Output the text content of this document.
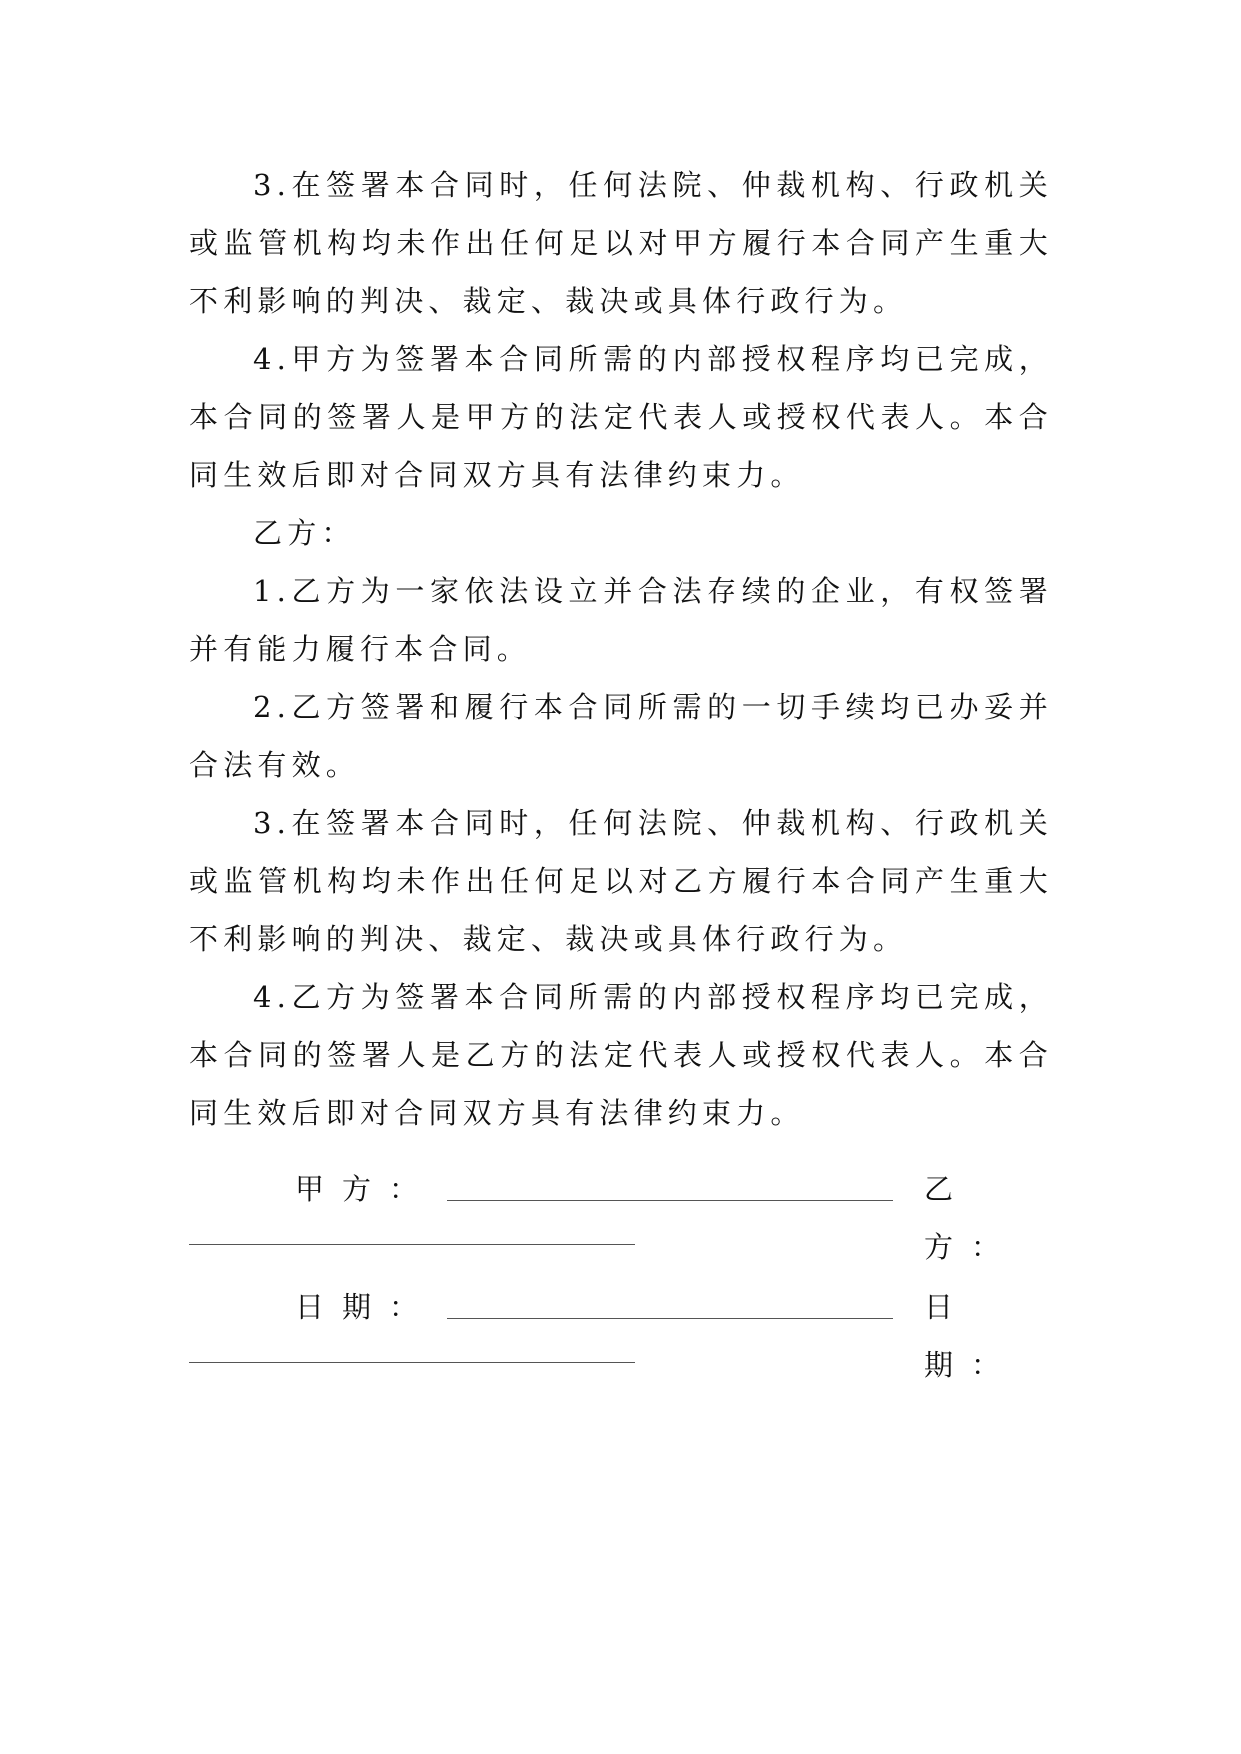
3.在签署本合同时，任何法院、仲裁机构、行政机关或监管机构均未作出任何足以对甲方履行本合同产生重大不利影响的判决、裁定、裁决或具体行政行为。

4.甲方为签署本合同所需的内部授权程序均已完成，本合同的签署人是甲方的法定代表人或授权代表人。本合同生效后即对合同双方具有法律约束力。

乙方：

1.乙方为一家依法设立并合法存续的企业，有权签署并有能力履行本合同。

2.乙方签署和履行本合同所需的一切手续均已办妥并合法有效。

3.在签署本合同时，任何法院、仲裁机构、行政机关或监管机构均未作出任何足以对乙方履行本合同产生重大不利影响的判决、裁定、裁决或具体行政行为。

4.乙方为签署本合同所需的内部授权程序均已完成，本合同的签署人是乙方的法定代表人或授权代表人。本合同生效后即对合同双方具有法律约束力。

甲方：	乙方：
日期：	日期：
